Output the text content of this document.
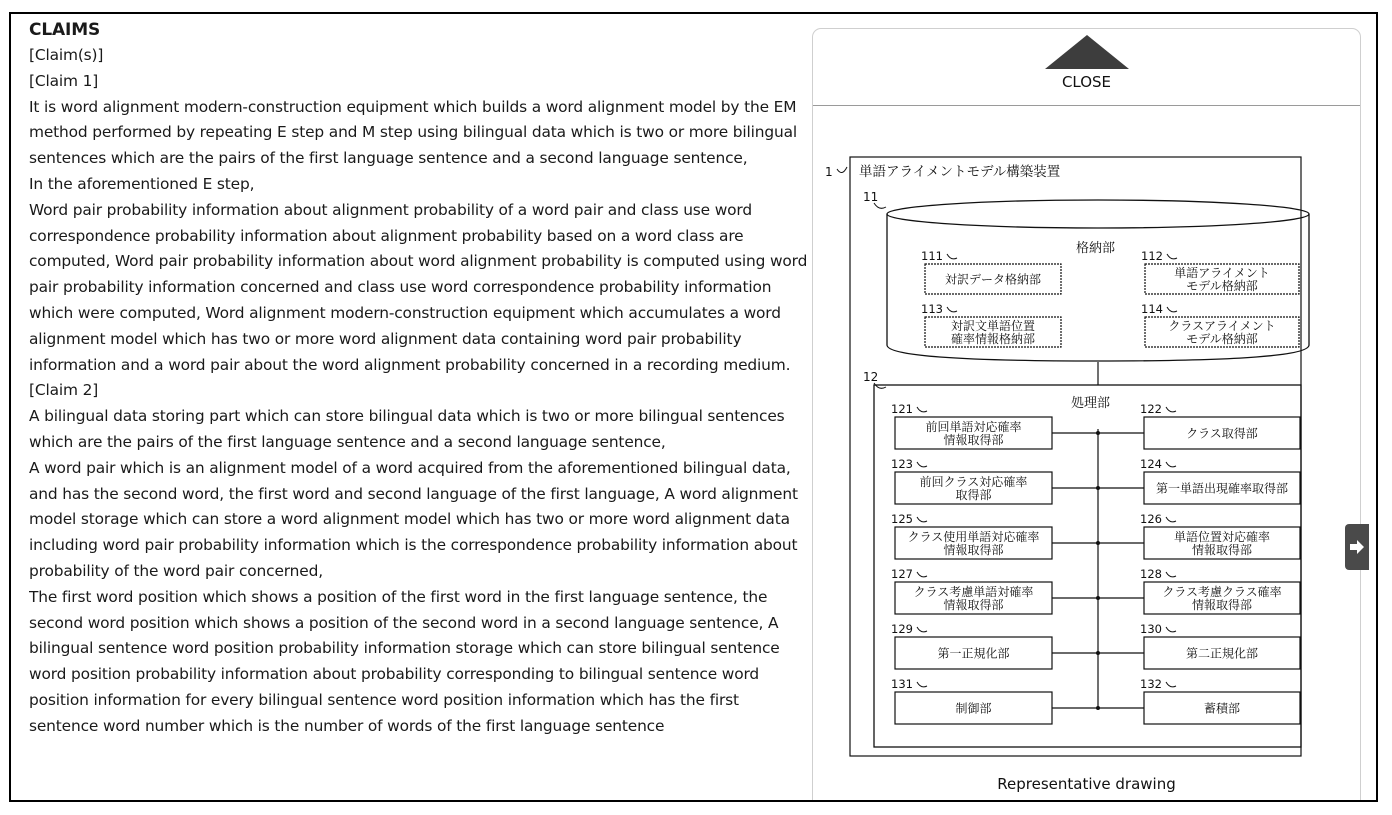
CLAIMS

[Claim(s)]

[Claim 1]

It is word alignment modern-construction equipment which builds a word alignment model by the EM method performed by repeating E step and M step using bilingual data which is two or more bilingual sentences which are the pairs of the first language sentence and a second language sentence,

In the aforementioned E step,

Word pair probability information about alignment probability of a word pair and class use word correspondence probability information about alignment probability based on a word class are computed, Word pair probability information about word alignment probability is computed using word pair probability information concerned and class use word correspondence probability information which were computed, Word alignment modern-construction equipment which accumulates a word alignment model which has two or more word alignment data containing word pair probability information and a word pair about the word alignment probability concerned in a recording medium.

[Claim 2]

A bilingual data storing part which can store bilingual data which is two or more bilingual sentences which are the pairs of the first language sentence and a second language sentence,

A word pair which is an alignment model of a word acquired from the aforementioned bilingual data, and has the second word, the first word and second language of the first language, A word alignment model storage which can store a word alignment model which has two or more word alignment data including word pair probability information which is the correspondence probability information about probability of the word pair concerned,

The first word position which shows a position of the first word in the first language sentence, the second word position which shows a position of the second word in a second language sentence, A bilingual sentence word position probability information storage which can store bilingual sentence word position probability information about probability corresponding to bilingual sentence word position information for every bilingual sentence word position information which has the first sentence word number which is the number of words of the first language sentence

CLOSE
1 単語アライメントモデル構築装置
11
格納部
12
処理部
111
対訳データ格納部
112
単語アライメント
モデル格納部
113
対訳文単語位置
確率情報格納部
114
クラスアライメント
モデル格納部
121
前回単語対応確率
情報取得部
122
クラス取得部
123
前回クラス対応確率
取得部
124
第一単語出現確率取得部
125
クラス使用単語対応確率
情報取得部
126
単語位置対応確率
情報取得部
127
クラス考慮単語対確率
情報取得部
128
クラス考慮クラス確率
情報取得部
129
第一正規化部
130
第二正規化部
131
制御部
132
蓄積部
Representative drawing
